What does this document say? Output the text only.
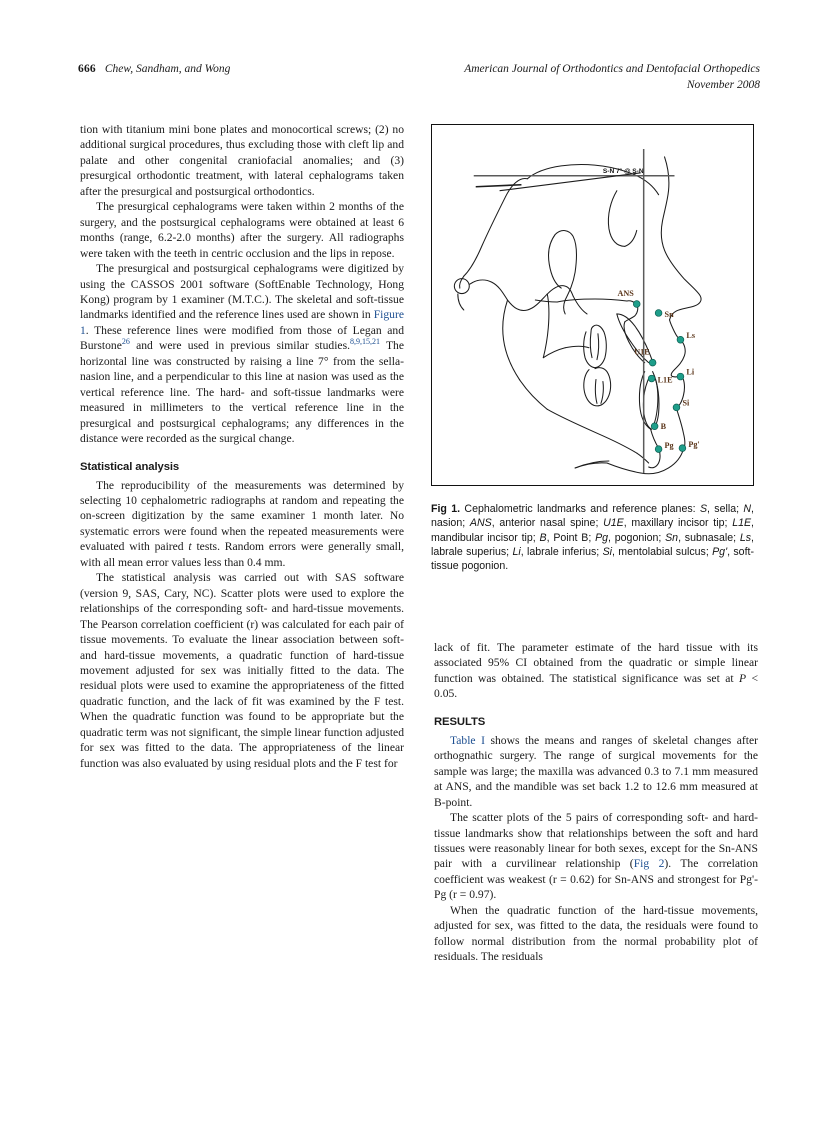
666 Chew, Sandham, and Wong	American Journal of Orthodontics and Dentofacial Orthopedics
November 2008

tion with titanium mini bone plates and monocortical screws; (2) no additional surgical procedures, thus excluding those with cleft lip and palate and other congenital craniofacial anomalies; and (3) presurgical orthodontic treatment, with lateral cephalograms taken after the presurgical and postsurgical orthodontics.

The presurgical cephalograms were taken within 2 months of the surgery, and the postsurgical cephalograms were obtained at least 6 months (range, 6.2-2.0 months) after the surgery. All radiographs were taken with the teeth in centric occlusion and the lips in repose.

The presurgical and postsurgical cephalograms were digitized by using the CASSOS 2001 software (SoftEnable Technology, Hong Kong) program by 1 examiner (M.T.C.). The skeletal and soft-tissue landmarks identified and the reference lines used are shown in Figure 1. These reference lines were modified from those of Legan and Burstone$^{26}$ and were used in previous similar studies.$^{8,9,15,21}$ The horizontal line was constructed by raising a line 7° from the sella-nasion line, and a perpendicular to this line at nasion was used as the vertical reference line. The hard- and soft-tissue landmarks were measured in millimeters to the vertical reference line in the presurgical and postsurgical cephalograms; any differences in the distance were recorded as the surgical change.

Statistical analysis

The reproducibility of the measurements was determined by selecting 10 cephalometric radiographs at random and repeating the on-screen digitization by the same examiner 1 month later. No systematic errors were found when the repeated measurements were evaluated with paired t tests. Random errors were generally small, with all mean error values less than 0.4 mm.

The statistical analysis was carried out with SAS software (version 9, SAS, Cary, NC). Scatter plots were used to explore the relationships of the corresponding soft- and hard-tissue movements. The Pearson correlation coefficient (r) was calculated for each pair of tissue movements. To evaluate the linear association between soft- and hard-tissue movements, a quadratic function of hard-tissue movement adjusted for sex was initially fitted to the data. The residual plots were used to examine the appropriateness of the fitted quadratic function, and the lack of fit was examined by the F test. When the quadratic function was found to be appropriate but the quadratic term was not significant, the simple linear function adjusted for sex was fitted to the data. The appropriateness of the linear function was also evaluated by using residual plots and the F test for

S-N 7° @ S-N
ANS
Sn
Ls
U1E
L1E
Li
Si
B
Pg Pg'
Fig 1. Cephalometric landmarks and reference planes: S, sella; N, nasion; ANS, anterior nasal spine; U1E, maxillary incisor tip; L1E, mandibular incisor tip; B, Point B; Pg, pogonion; Sn, subnasale; Ls, labrale superius; Li, labrale inferius; Si, mentolabial sulcus; Pg', soft-tissue pogonion.

lack of fit. The parameter estimate of the hard tissue with its associated 95% CI obtained from the quadratic or simple linear function was obtained. The statistical significance was set at P < 0.05.

RESULTS

Table I shows the means and ranges of skeletal changes after orthognathic surgery. The range of surgical movements for the sample was large; the maxilla was advanced 0.3 to 7.1 mm measured at ANS, and the mandible was set back 1.2 to 12.6 mm measured at B-point.

The scatter plots of the 5 pairs of corresponding soft- and hard-tissue landmarks show that relationships between the soft and hard tissues were reasonably linear for both sexes, except for the Sn-ANS pair with a curvilinear relationship (Fig 2). The correlation coefficient was weakest (r = 0.62) for Sn-ANS and strongest for Pg'-Pg (r = 0.97).

When the quadratic function of the hard-tissue movements, adjusted for sex, was fitted to the data, the residuals were found to follow normal distribution from the normal probability plot of residuals. The residuals
